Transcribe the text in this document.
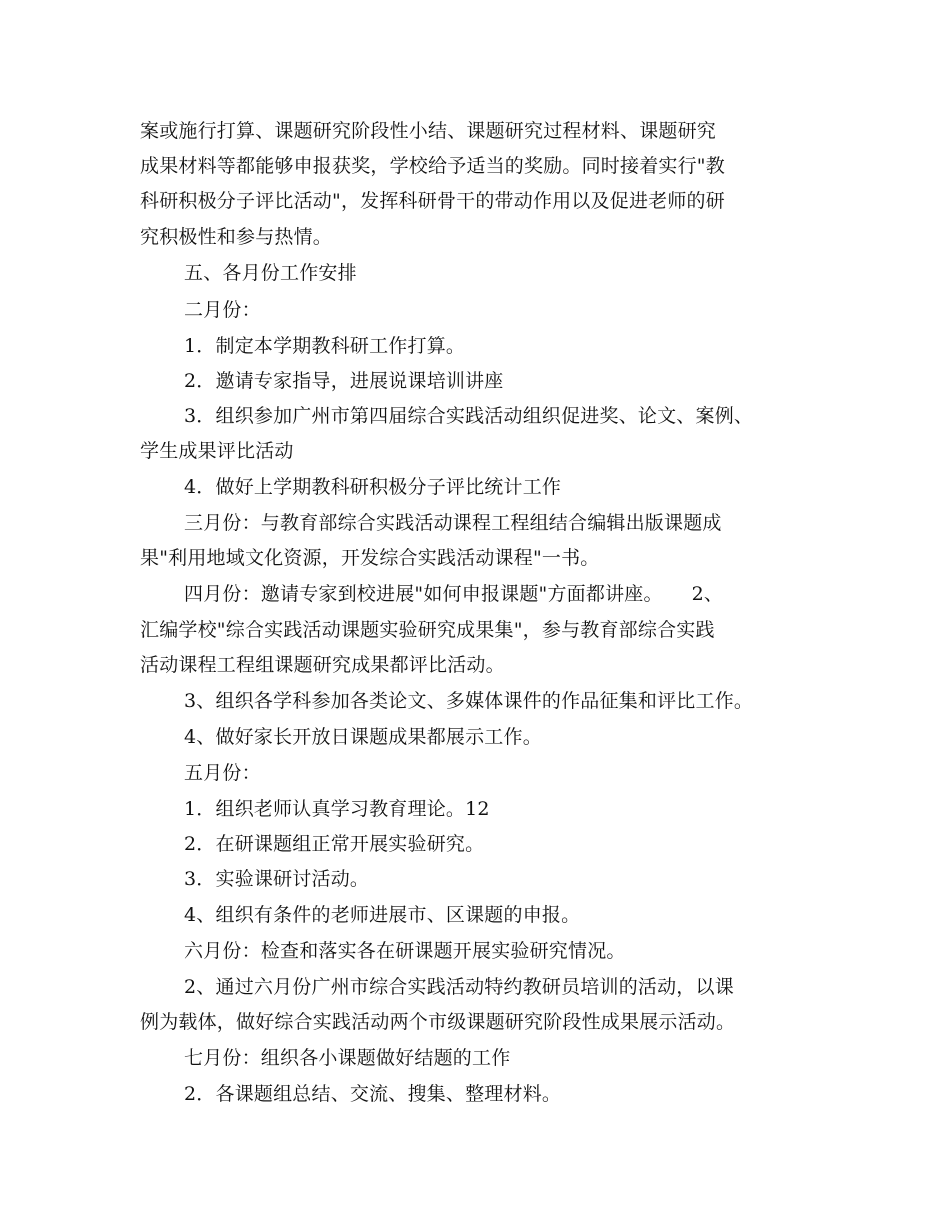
案或施行打算、课题研究阶段性小结、课题研究过程材料、课题研究
成果材料等都能够申报获奖，学校给予适当的奖励。同时接着实行"教
科研积极分子评比活动"，发挥科研骨干的带动作用以及促进老师的研
究积极性和参与热情。
五、各月份工作安排
二月份：
1．制定本学期教科研工作打算。
2．邀请专家指导，进展说课培训讲座
3．组织参加广州市第四届综合实践活动组织促进奖、论文、案例、
学生成果评比活动
4．做好上学期教科研积极分子评比统计工作
三月份：与教育部综合实践活动课程工程组结合编辑出版课题成
果"利用地域文化资源，开发综合实践活动课程"一书。
四月份：邀请专家到校进展"如何申报课题"方面都讲座。　　2、
汇编学校"综合实践活动课题实验研究成果集"，参与教育部综合实践
活动课程工程组课题研究成果都评比活动。
3、组织各学科参加各类论文、多媒体课件的作品征集和评比工作。
4、做好家长开放日课题成果都展示工作。
五月份：
1．组织老师认真学习教育理论。12
2．在研课题组正常开展实验研究。
3．实验课研讨活动。
4、组织有条件的老师进展市、区课题的申报。
六月份：检查和落实各在研课题开展实验研究情况。
2、通过六月份广州市综合实践活动特约教研员培训的活动，以课
例为载体，做好综合实践活动两个市级课题研究阶段性成果展示活动。
七月份：组织各小课题做好结题的工作
2．各课题组总结、交流、搜集、整理材料。
